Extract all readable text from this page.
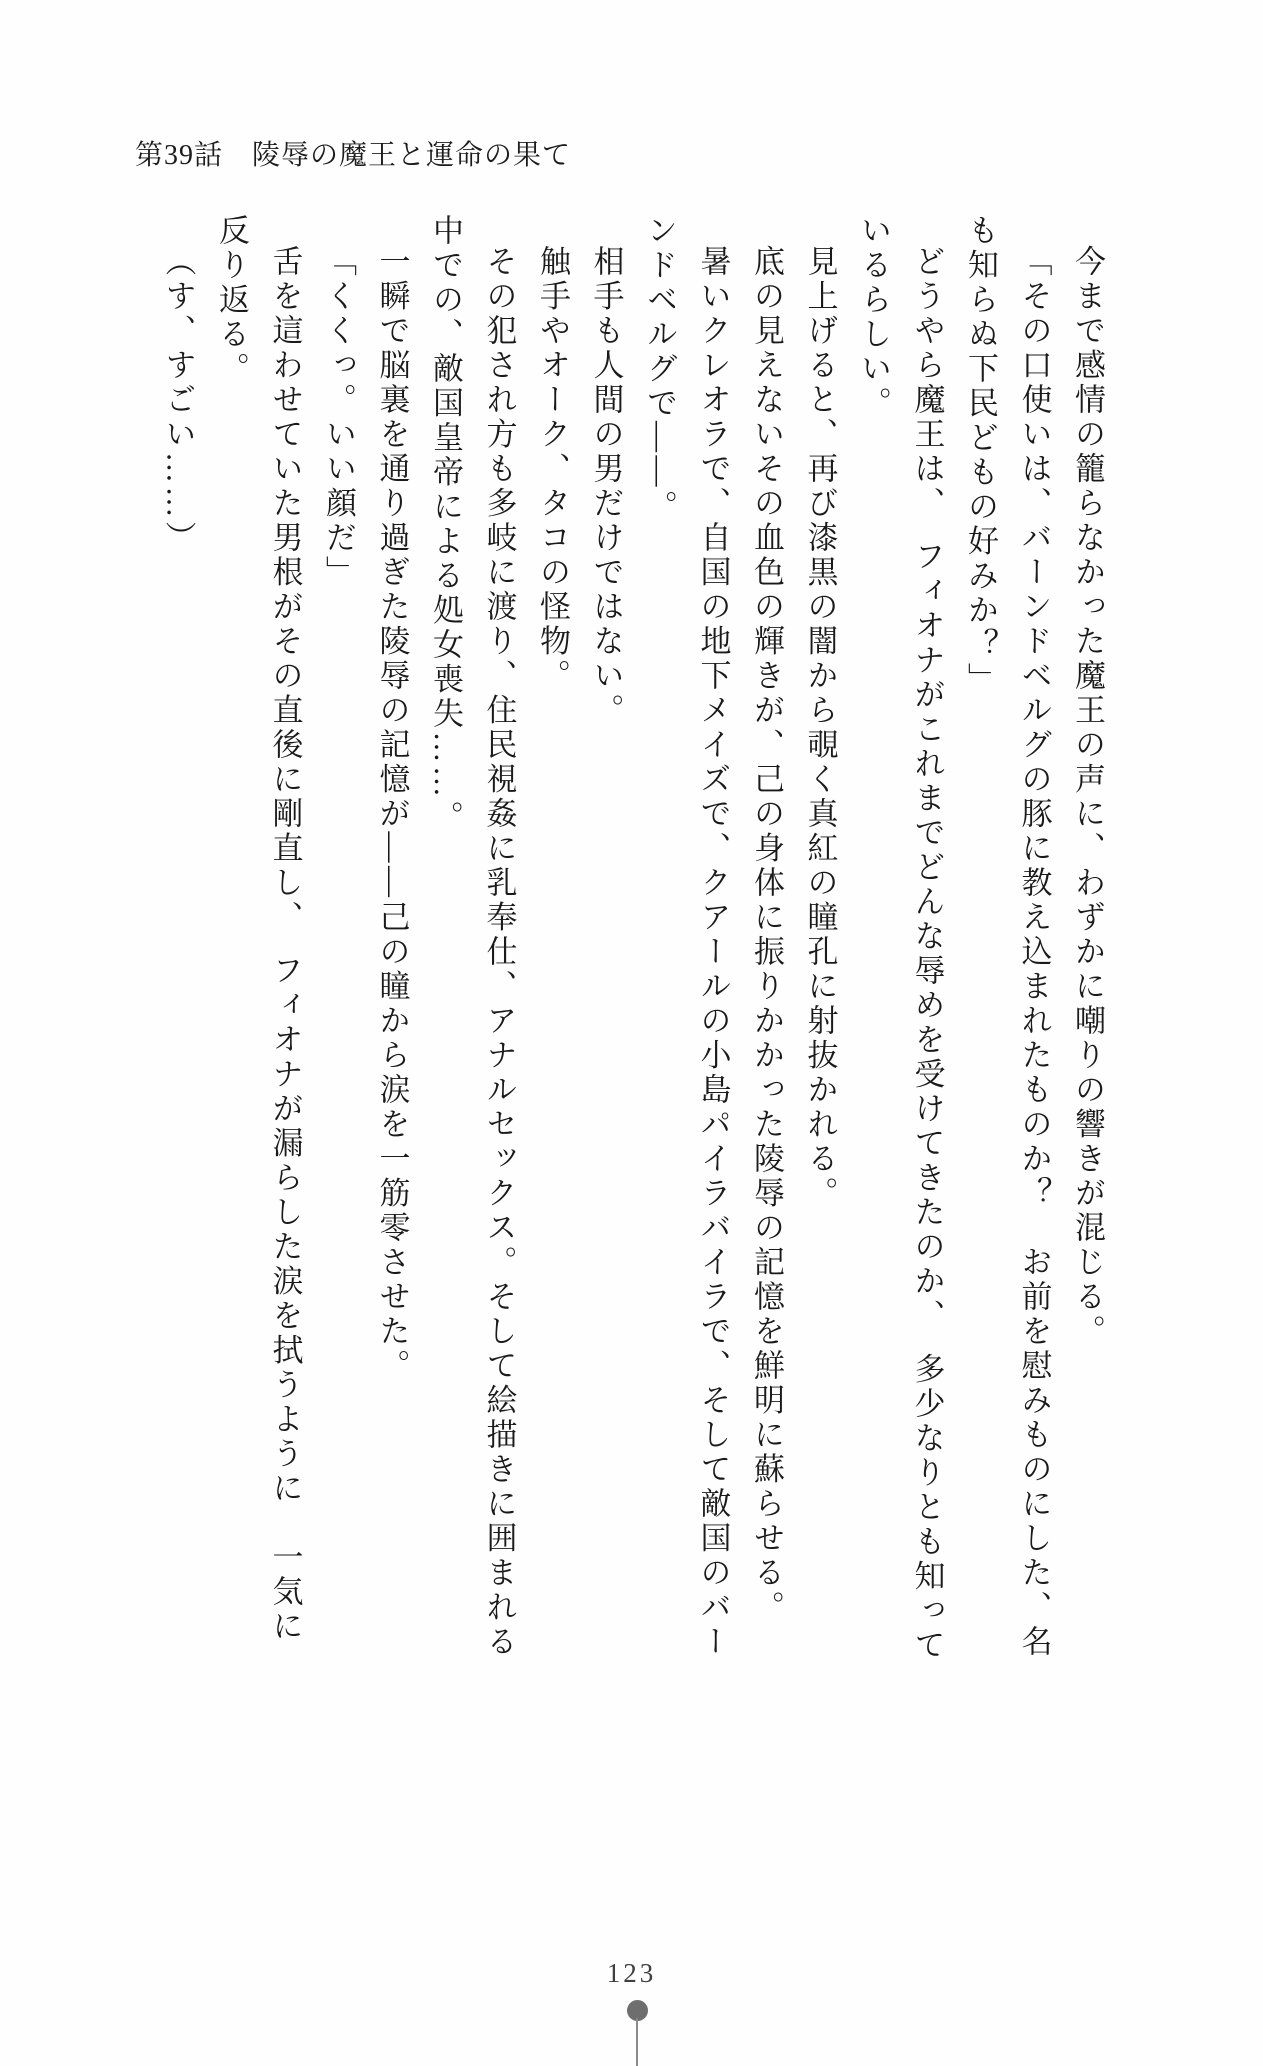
第39話　陵辱の魔王と運命の果て

今まで感情の籠らなかった魔王の声に、わずかに嘲りの響きが混じる。

「その口使いは、バーンドベルグの豚に教え込まれたものか？　お前を慰みものにした、名も知らぬ下民どもの好みか？」

どうやら魔王は、　フィオナがこれまでどんな辱めを受けてきたのか、　多少なりとも知っているらしい。

見上げると、再び漆黒の闇から覗く真紅の瞳孔に射抜かれる。

底の見えないその血色の輝きが、己の身体に振りかかった陵辱の記憶を鮮明に蘇らせる。

暑いクレオラで、自国の地下メイズで、クアールの小島パイラバイラで、そして敵国のバーンドベルグで――。

相手も人間の男だけではない。

触手やオーク、タコの怪物。

その犯され方も多岐に渡り、住民視姦に乳奉仕、アナルセックス。そして絵描きに囲まれる中での、敵国皇帝による処女喪失……。

一瞬で脳裏を通り過ぎた陵辱の記憶が――己の瞳から涙を一筋零させた。

「くくっ。いい顔だ」

舌を這わせていた男根がその直後に剛直し、　フィオナが漏らした涙を拭うように　一気に反り返る。

（す、すごい……）

123
